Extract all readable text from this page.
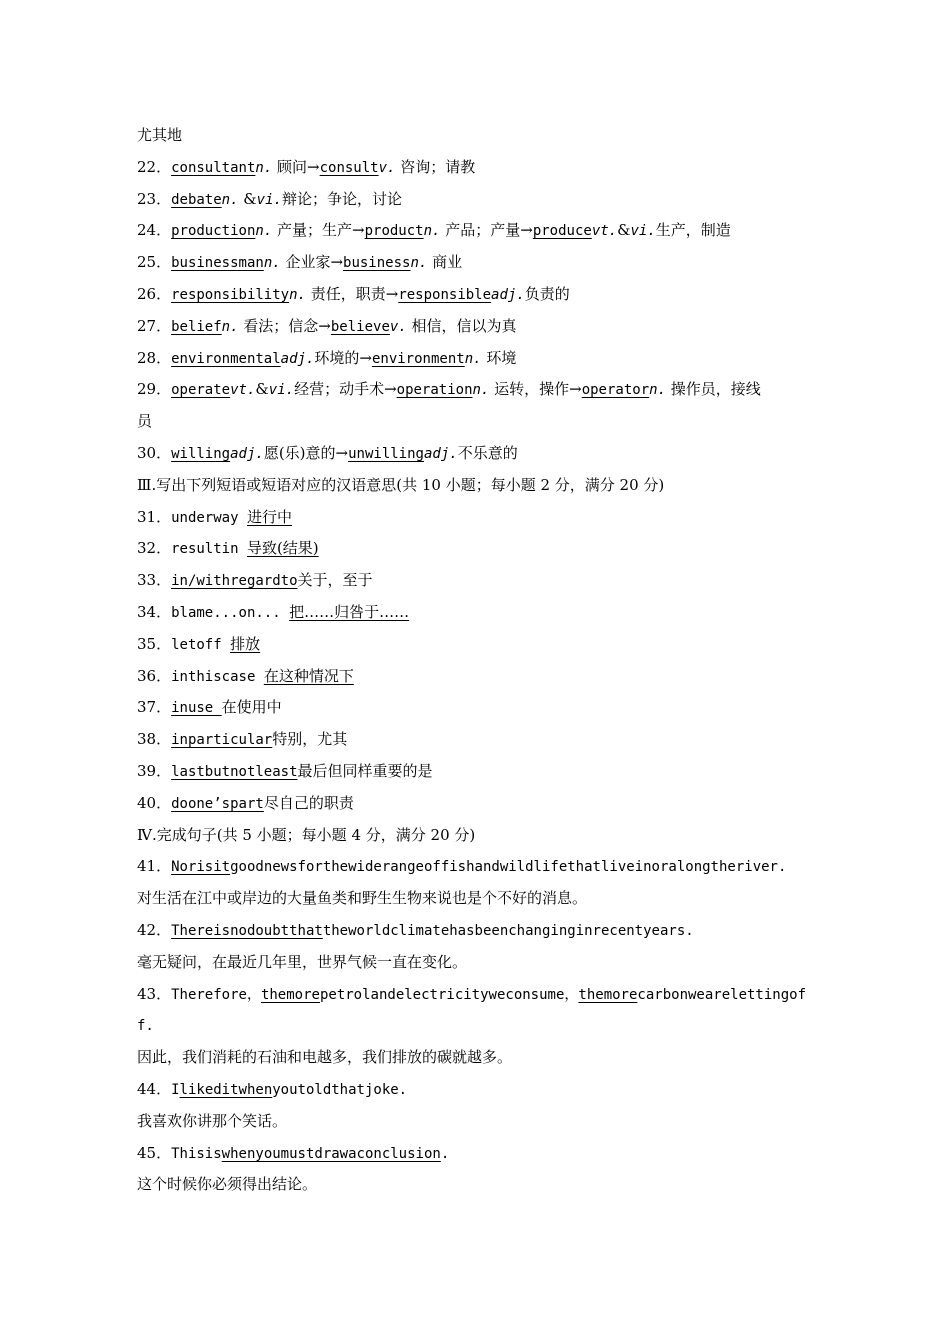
尤其地
22．consultantn. 顾问→consultv. 咨询；请教
23．debaten. &vi.辩论；争论，讨论
24．productionn. 产量；生产→productn. 产品；产量→producevt.&vi.生产，制造
25．businessmann. 企业家→businessn. 商业
26．responsibilityn. 责任，职责→responsibleadj.负责的
27．beliefn. 看法；信念→believev. 相信，信以为真
28．environmentaladj.环境的→environmentn. 环境
29．operatevt.&vi.经营；动手术→operationn. 运转，操作→operatorn. 操作员，接线
员
30．willingadj.愿(乐)意的→unwillingadj.不乐意的
Ⅲ.写出下列短语或短语对应的汉语意思(共 10 小题；每小题 2 分，满分 20 分)
31．underway 进行中
32．resultin 导致(结果)
33．in/withregardto关于，至于
34．blame...on... 把……归咎于……
35．letoff 排放
36．inthiscase 在这种情况下
37．inuse 在使用中
38．inparticular特别，尤其
39．lastbutnotleast最后但同样重要的是
40．doone’spart尽自己的职责
Ⅳ.完成句子(共 5 小题；每小题 4 分，满分 20 分)
41．Norisitgoodnewsforthewiderangeoffishandwildlifethatliveinoralongtheriver.
对生活在江中或岸边的大量鱼类和野生生物来说也是个不好的消息。
42．Thereisnodoubtthattheworldclimatehasbeenchanginginrecentyears.
毫无疑问，在最近几年里，世界气候一直在变化。
43．Therefore，themorepetrolandelectricityweconsume，themorecarbonwearelettingof
f.
因此，我们消耗的石油和电越多，我们排放的碳就越多。
44．Ilikeditwhenyoutoldthatjoke.
我喜欢你讲那个笑话。
45．Thisiswhenyoumustdrawaconclusion.
这个时候你必须得出结论。
